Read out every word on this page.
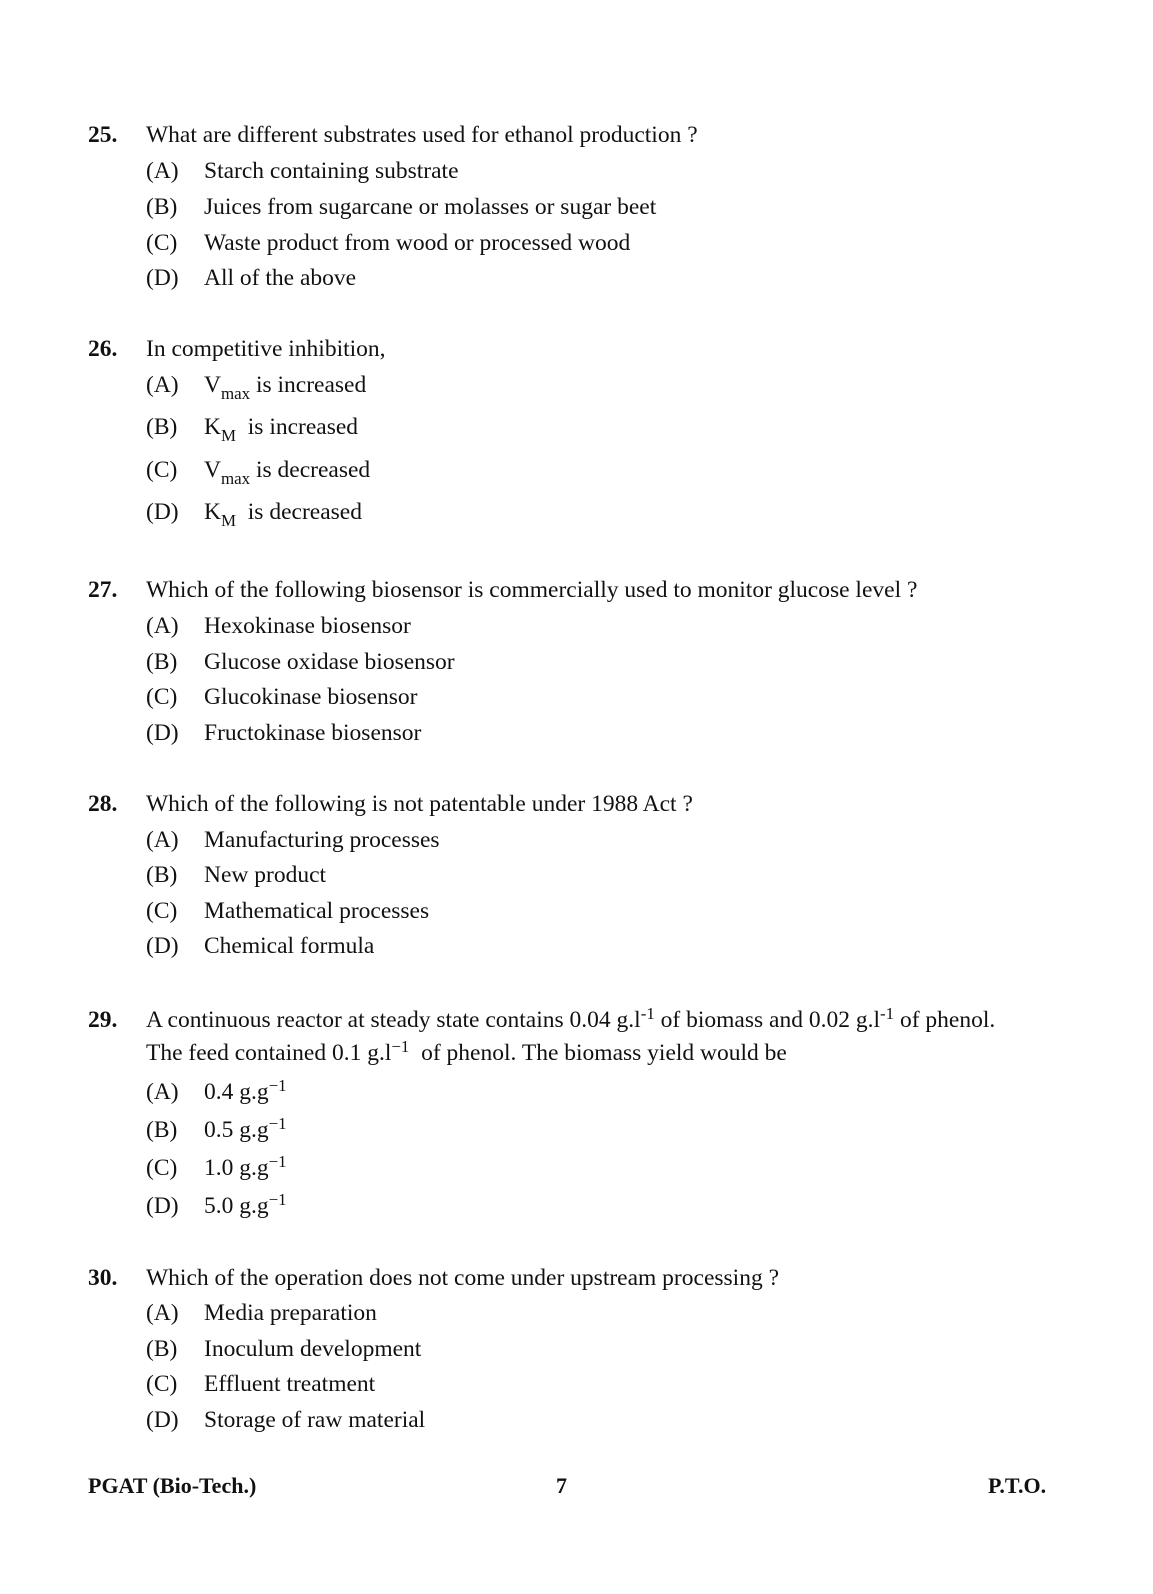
25. What are different substrates used for ethanol production ?
(A) Starch containing substrate
(B) Juices from sugarcane or molasses or sugar beet
(C) Waste product from wood or processed wood
(D) All of the above
26. In competitive inhibition,
(A) $V_{max}$ is increased
(B) $K_M$  is increased
(C) $V_{max}$ is decreased
(D) $K_M$  is decreased
27. Which of the following biosensor is commercially used to monitor glucose level ?
(A) Hexokinase biosensor
(B) Glucose oxidase biosensor
(C) Glucokinase biosensor
(D) Fructokinase biosensor
28. Which of the following is not patentable under 1988 Act ?
(A) Manufacturing processes
(B) New product
(C) Mathematical processes
(D) Chemical formula
29. A continuous reactor at steady state contains 0.04 $g.l^{-1}$ of biomass and 0.02 $g.l^{-1}$ of phenol.
The feed contained 0.1 $g.l^{-1}$  of phenol. The biomass yield would be
(A) 0.4 $g.g^{-1}$
(B) 0.5 $g.g^{-1}$
(C) 1.0 $g.g^{-1}$
(D) 5.0 $g.g^{-1}$
30. Which of the operation does not come under upstream processing ?
(A) Media preparation
(B) Inoculum development
(C) Effluent treatment
(D) Storage of raw material
PGAT (Bio-Tech.)	7	P.T.O.
